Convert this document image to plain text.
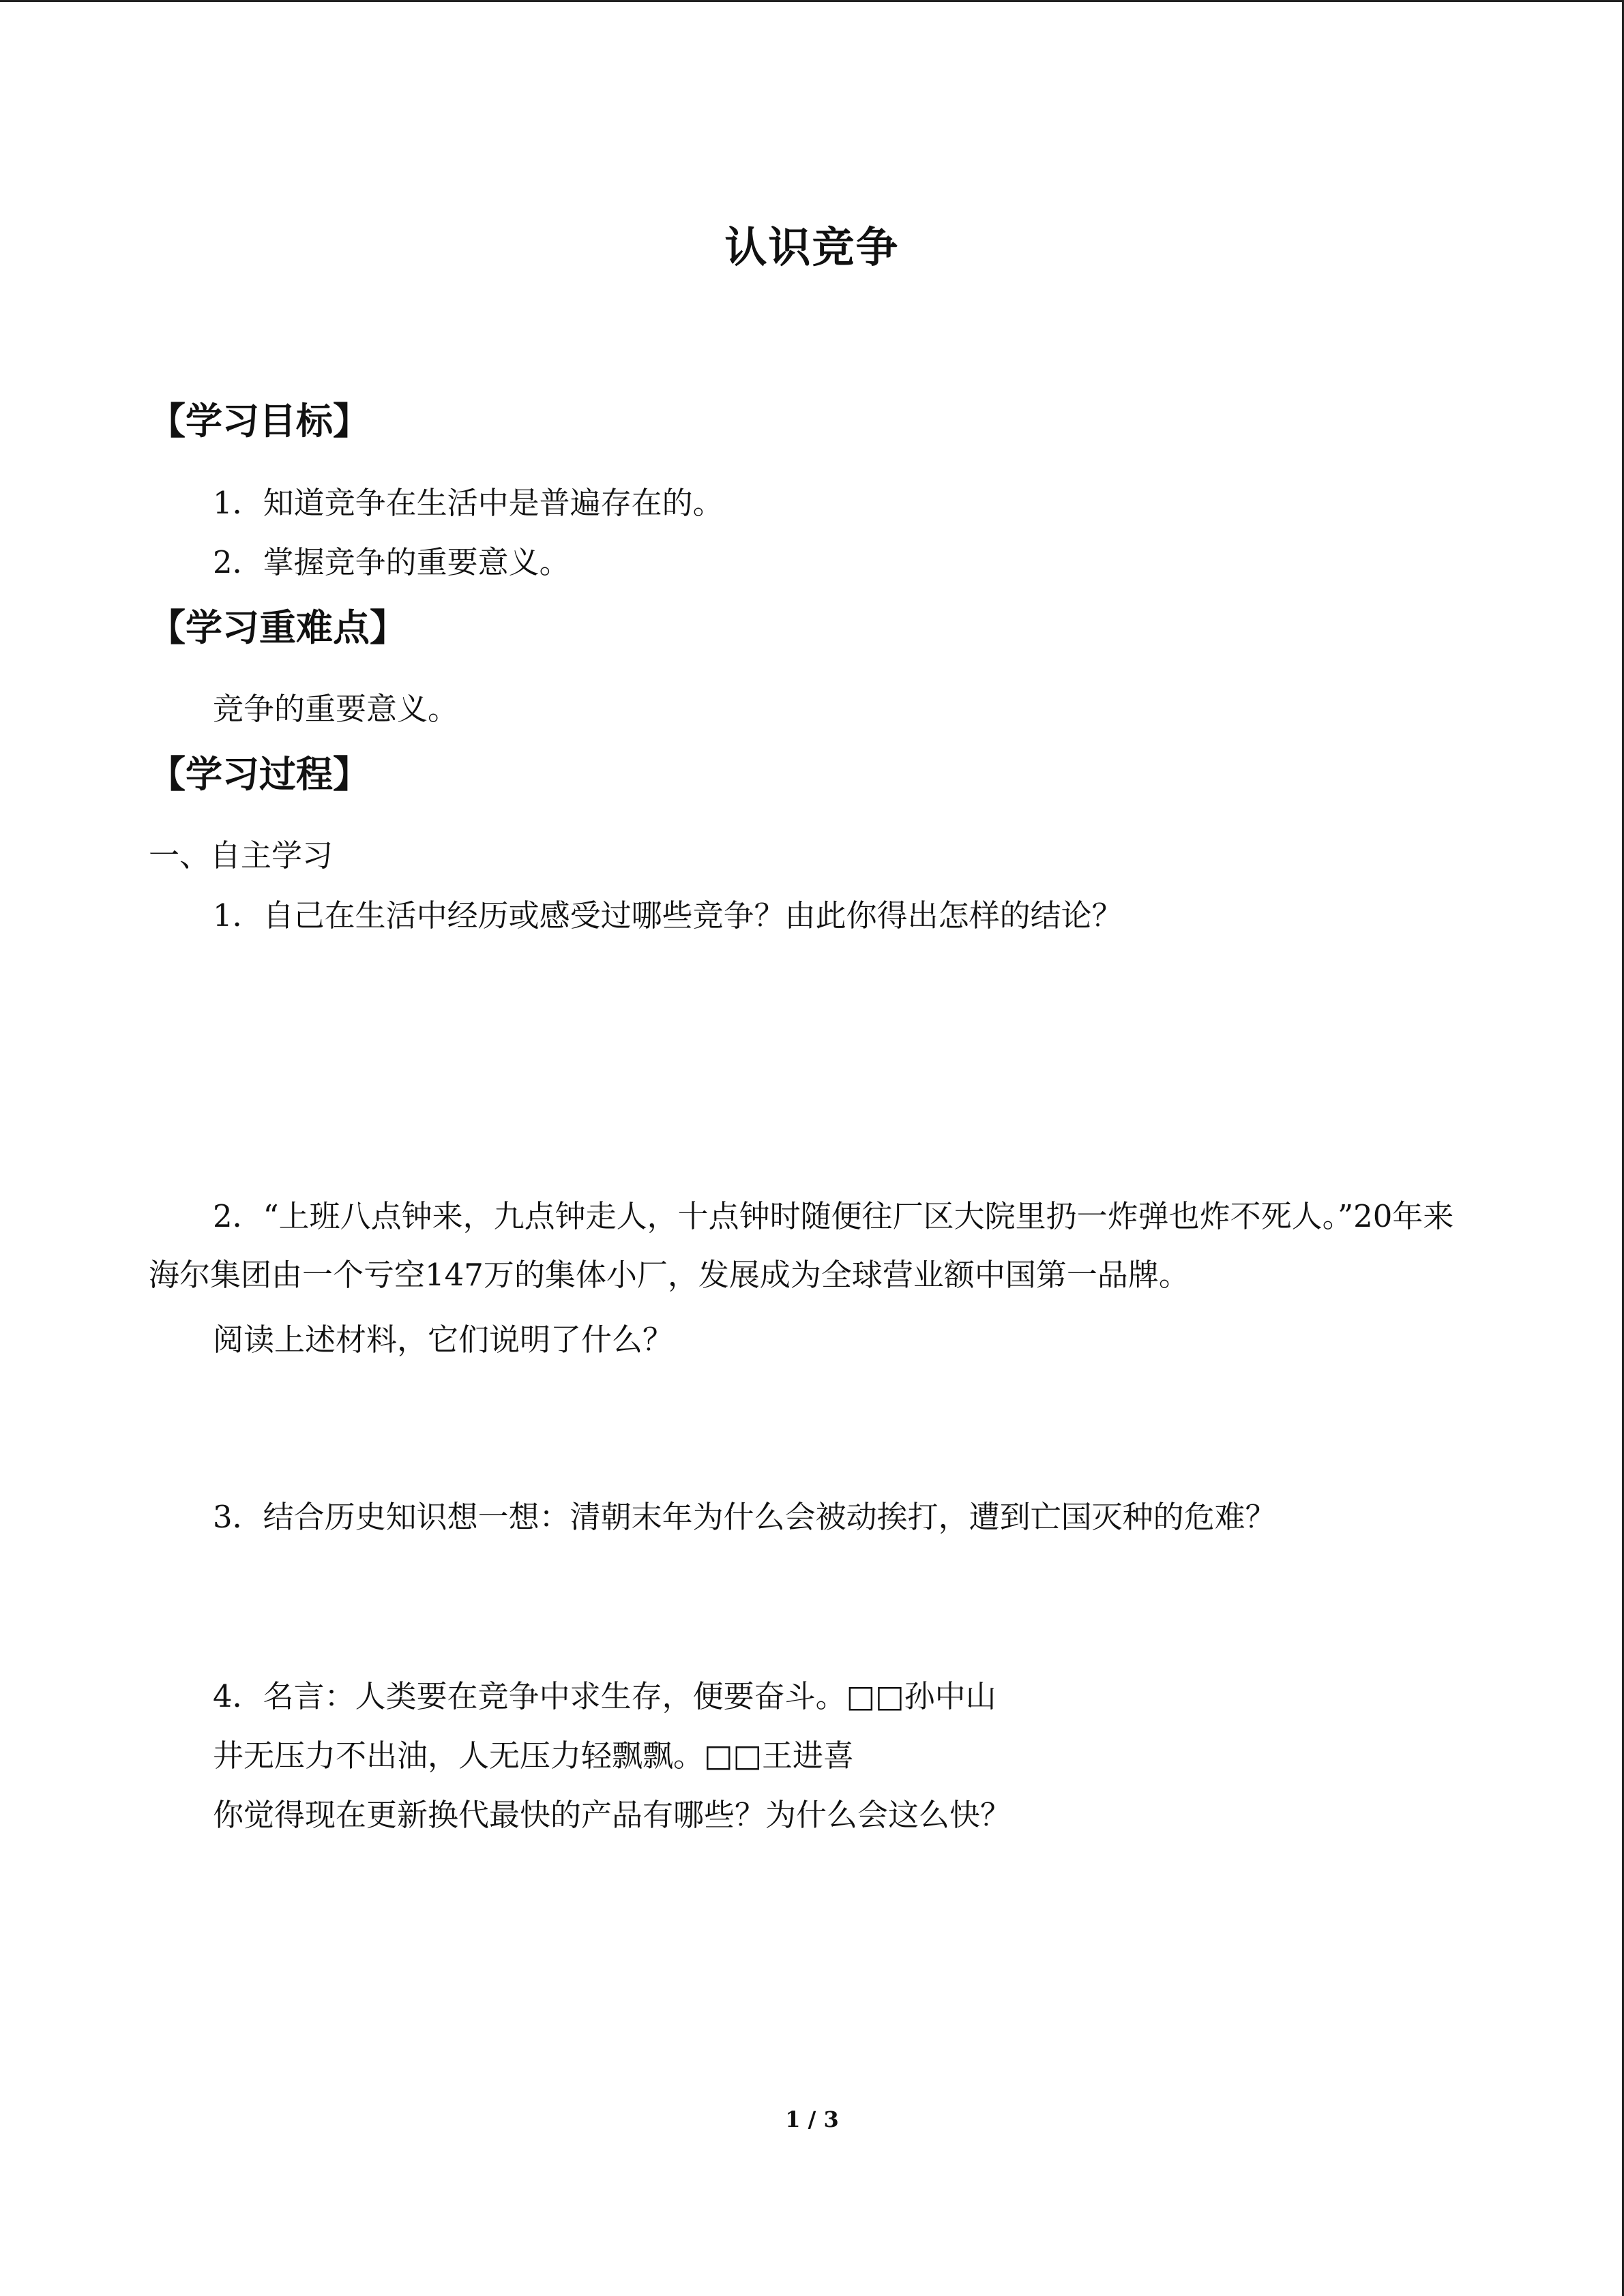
认识竞争
【学习目标】
1．知道竞争在生活中是普遍存在的。
2．掌握竞争的重要意义。
【学习重难点】
竞争的重要意义。
【学习过程】
一、自主学习
1．自己在生活中经历或感受过哪些竞争？由此你得出怎样的结论？
2．“上班八点钟来，九点钟走人，十点钟时随便往厂区大院里扔一炸弹也炸不死人。”20年来海尔集团由一个亏空147万的集体小厂，发展成为全球营业额中国第一品牌。
阅读上述材料，它们说明了什么？
3．结合历史知识想一想：清朝末年为什么会被动挨打，遭到亡国灭种的危难？
4．名言：人类要在竞争中求生存，便要奋斗。□□孙中山
井无压力不出油，人无压力轻飘飘。□□王进喜
你觉得现在更新换代最快的产品有哪些？为什么会这么快？
1 / 3
